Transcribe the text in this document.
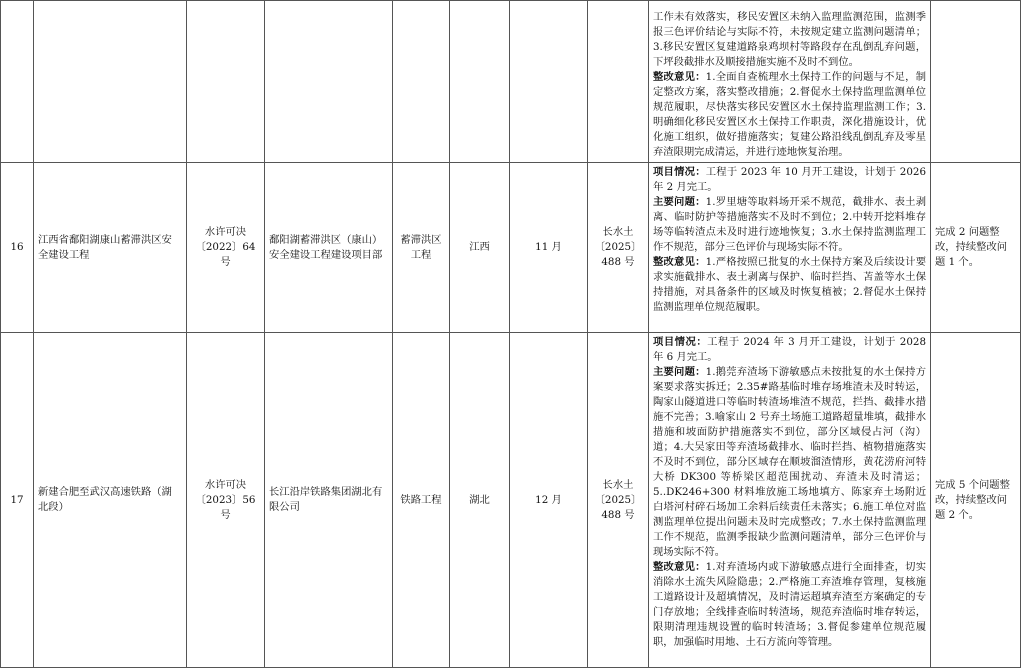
								工作未有效落实，移民安置区未纳入监理监测范围，监测季报三色评价结论与实际不符，未按规定建立监测问题清单；3.移民安置区复建道路泉鸡坝村等路段存在乱倒乱弃问题，下坪段截排水及顺接措施实施不及时不到位。

整改意见：1.全面自查梳理水土保持工作的问题与不足，制定整改方案，落实整改措施；2.督促水土保持监理监测单位规范履职，尽快落实移民安置区水土保持监理监测工作；3.明确细化移民安置区水土保持工作职责，深化措施设计，优化施工组织，做好措施落实；复建公路沿线乱倒乱弃及零星弃渣限期完成清运，并进行迹地恢复治理。	

16	江西省鄱阳湖康山蓄滞洪区安全建设工程	水许可决〔2022〕64 号	鄱阳湖蓄滞洪区（康山）安全建设工程建设项目部	蓄滞洪区工程	江西	11 月	长水土〔2025〕488 号	项目情况：工程于 2023 年 10 月开工建设，计划于 2026 年 2 月完工。

主要问题：1.罗里塘等取料场开采不规范，截排水、表土剥离、临时防护等措施落实不及时不到位；2.中转开挖料堆存场等临转渣点未及时进行迹地恢复；3.水土保持监测监理工作不规范，部分三色评价与现场实际不符。

整改意见：1.严格按照已批复的水土保持方案及后续设计要求实施截排水、表土剥离与保护、临时拦挡、苫盖等水土保持措施，对具备条件的区域及时恢复植被；2.督促水土保持监测监理单位规范履职。	完成 2 问题整改，持续整改问题 1 个。
17	新建合肥至武汉高速铁路（湖北段）	水许可决〔2023〕56 号	长江沿岸铁路集团湖北有限公司	铁路工程	湖北	12 月	长水土〔2025〕488 号	项目情况：工程于 2024 年 3 月开工建设，计划于 2028 年 6 月完工。

主要问题：1.鹅莞弃渣场下游敏感点未按批复的水土保持方案要求落实拆迁；2.35#路基临时堆存场堆渣未及时转运，陶家山隧道进口等临时转渣场堆渣不规范，拦挡、截排水措施不完善；3.喻家山 2 号弃土场施工道路超量堆填，截排水措施和坡面防护措施落实不到位，部分区域侵占河（沟）道；4.大吴家田等弃渣场截排水、临时拦挡、植物措施落实不及时不到位，部分区域存在顺坡溜渣情形，黄花涝府河特大桥 DK300 等桥梁区超范围扰动、弃渣未及时清运；5..DK246+300 材料堆放施工场地填方、陈家弃土场附近白塔河村碎石场加工余料后续责任未落实；6.施工单位对监测监理单位提出问题未及时完成整改；7.水土保持监测监理工作不规范，监测季报缺少监测问题清单，部分三色评价与现场实际不符。

整改意见：1.对弃渣场内或下游敏感点进行全面排查，切实消除水土流失风险隐患；2.严格施工弃渣堆存管理，复核施工道路设计及超填情况，及时清运超填弃渣至方案确定的专门存放地；全线排查临时转渣场，规范弃渣临时堆存转运，限期清理违规设置的临时转渣场；3.督促参建单位规范履职，加强临时用地、土石方流向等管理。	完成 5 个问题整改，持续整改问题 2 个。
